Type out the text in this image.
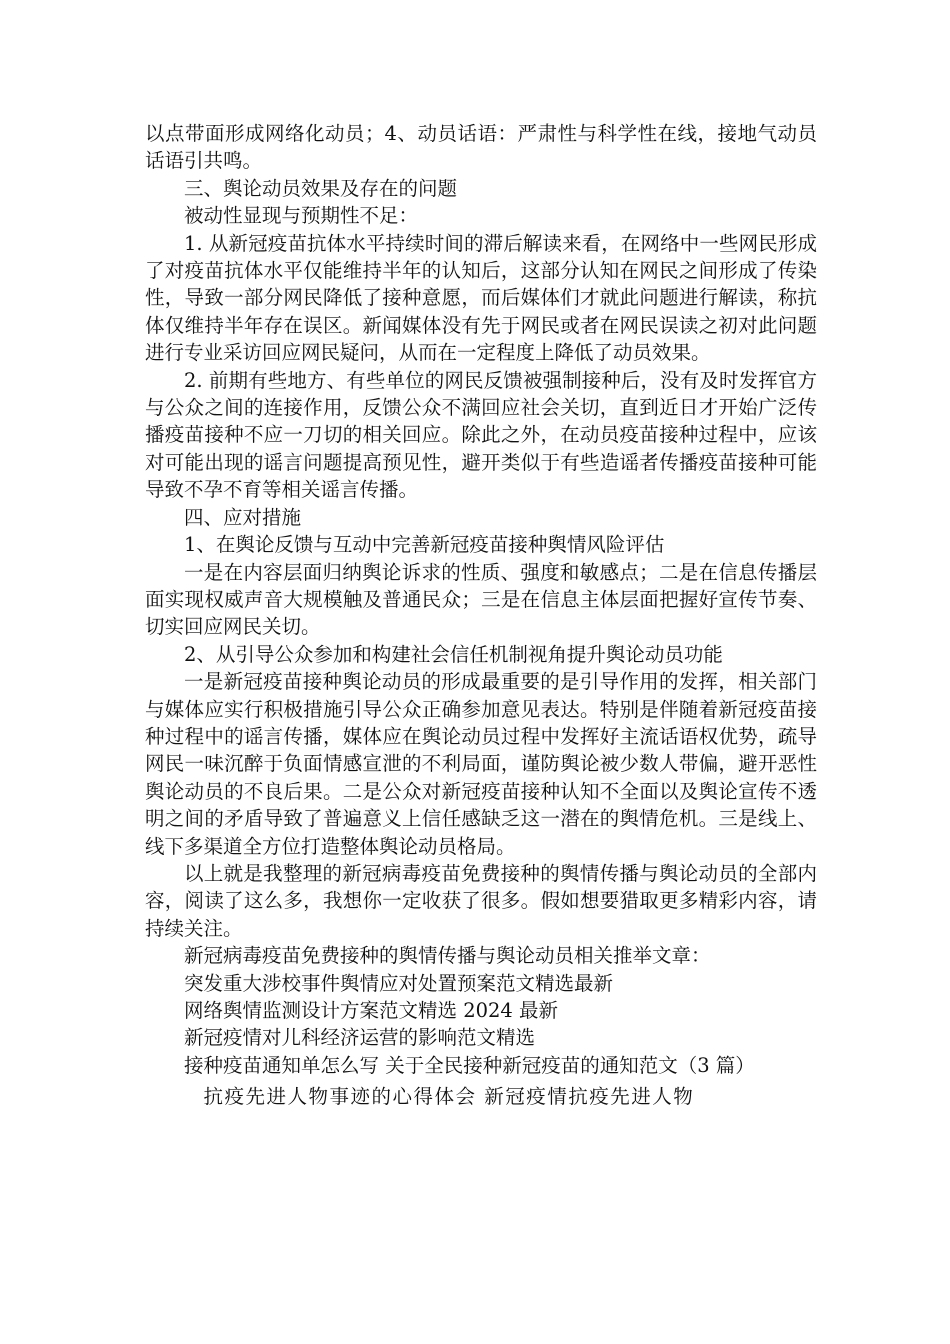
以点带面形成网络化动员；4、动员话语：严肃性与科学性在线，接地气动员话语引共鸣。

三、舆论动员效果及存在的问题

被动性显现与预期性不足：

1. 从新冠疫苗抗体水平持续时间的滞后解读来看，在网络中一些网民形成了对疫苗抗体水平仅能维持半年的认知后，这部分认知在网民之间形成了传染性，导致一部分网民降低了接种意愿，而后媒体们才就此问题进行解读，称抗体仅维持半年存在误区。新闻媒体没有先于网民或者在网民误读之初对此问题进行专业采访回应网民疑问，从而在一定程度上降低了动员效果。

2. 前期有些地方、有些单位的网民反馈被强制接种后，没有及时发挥官方与公众之间的连接作用，反馈公众不满回应社会关切，直到近日才开始广泛传播疫苗接种不应一刀切的相关回应。除此之外，在动员疫苗接种过程中，应该对可能出现的谣言问题提高预见性，避开类似于有些造谣者传播疫苗接种可能导致不孕不育等相关谣言传播。

四、应对措施

1、在舆论反馈与互动中完善新冠疫苗接种舆情风险评估

一是在内容层面归纳舆论诉求的性质、强度和敏感点；二是在信息传播层面实现权威声音大规模触及普通民众；三是在信息主体层面把握好宣传节奏、切实回应网民关切。

2、从引导公众参加和构建社会信任机制视角提升舆论动员功能

一是新冠疫苗接种舆论动员的形成最重要的是引导作用的发挥，相关部门与媒体应实行积极措施引导公众正确参加意见表达。特别是伴随着新冠疫苗接种过程中的谣言传播，媒体应在舆论动员过程中发挥好主流话语权优势，疏导网民一味沉醉于负面情感宣泄的不利局面，谨防舆论被少数人带偏，避开恶性舆论动员的不良后果。二是公众对新冠疫苗接种认知不全面以及舆论宣传不透明之间的矛盾导致了普遍意义上信任感缺乏这一潜在的舆情危机。三是线上、线下多渠道全方位打造整体舆论动员格局。

以上就是我整理的新冠病毒疫苗免费接种的舆情传播与舆论动员的全部内容，阅读了这么多，我想你一定收获了很多。假如想要猎取更多精彩内容，请持续关注。

新冠病毒疫苗免费接种的舆情传播与舆论动员相关推举文章：

突发重大涉校事件舆情应对处置预案范文精选最新

网络舆情监测设计方案范文精选 2024 最新

新冠疫情对儿科经济运营的影响范文精选

接种疫苗通知单怎么写 关于全民接种新冠疫苗的通知范文（3 篇）

抗疫先进人物事迹的心得体会 新冠疫情抗疫先进人物
